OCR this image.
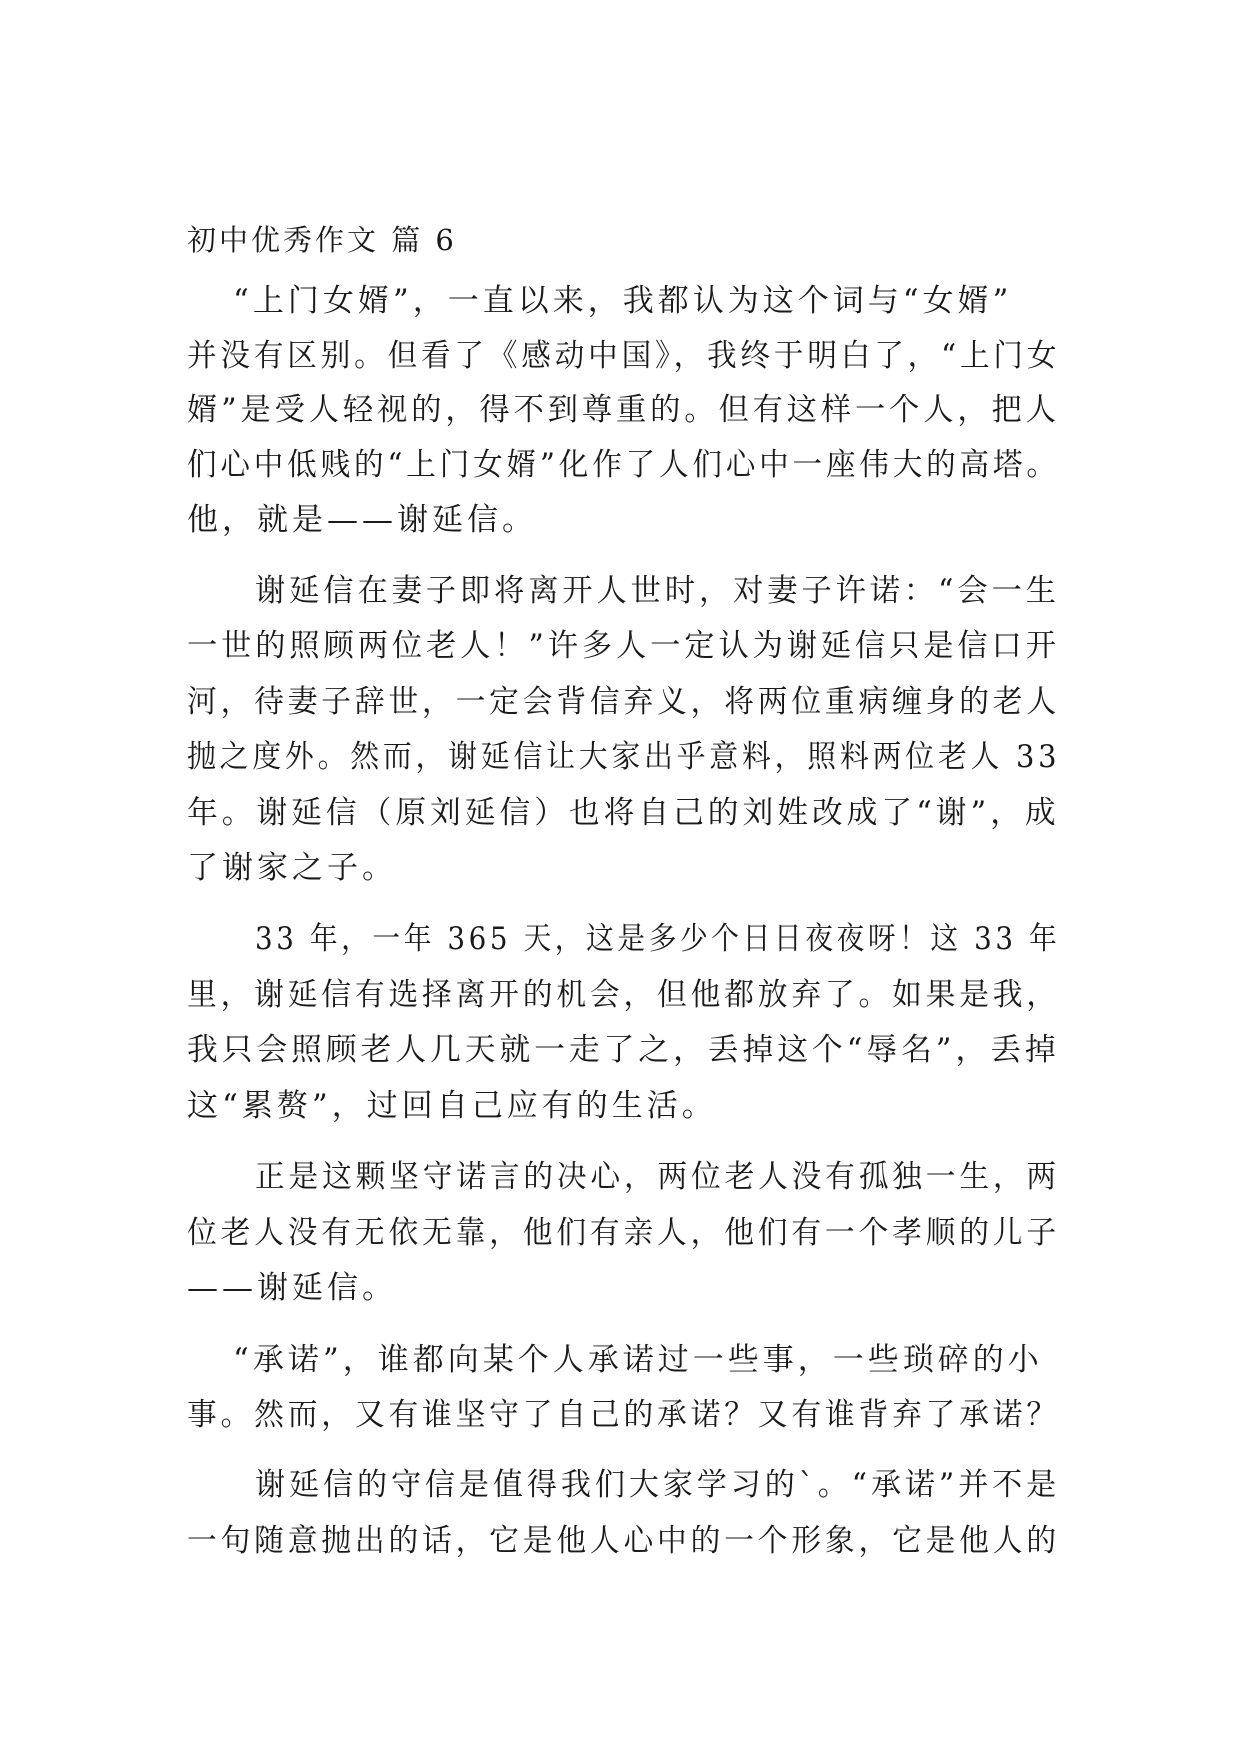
初中优秀作文 篇 6
“上门女婿”，一直以来，我都认为这个词与“女婿”
并没有区别。但看了《感动中国》，我终于明白了，“上门女
婿”是受人轻视的，得不到尊重的。但有这样一个人，把人
们心中低贱的“上门女婿”化作了人们心中一座伟大的高塔。
他，就是——谢延信。
谢延信在妻子即将离开人世时，对妻子许诺：“会一生
一世的照顾两位老人！”许多人一定认为谢延信只是信口开
河，待妻子辞世，一定会背信弃义，将两位重病缠身的老人
抛之度外。然而，谢延信让大家出乎意料，照料两位老人 33
年。谢延信（原刘延信）也将自己的刘姓改成了“谢”，成
了谢家之子。
33 年，一年 365 天，这是多少个日日夜夜呀！这 33 年
里，谢延信有选择离开的机会，但他都放弃了。如果是我，
我只会照顾老人几天就一走了之，丢掉这个“辱名”，丢掉
这“累赘”，过回自己应有的生活。
正是这颗坚守诺言的决心，两位老人没有孤独一生，两
位老人没有无依无靠，他们有亲人，他们有一个孝顺的儿子
——谢延信。
“承诺”，谁都向某个人承诺过一些事，一些琐碎的小
事。然而，又有谁坚守了自己的承诺？又有谁背弃了承诺？
谢延信的守信是值得我们大家学习的`。“承诺”并不是
一句随意抛出的话，它是他人心中的一个形象，它是他人的
